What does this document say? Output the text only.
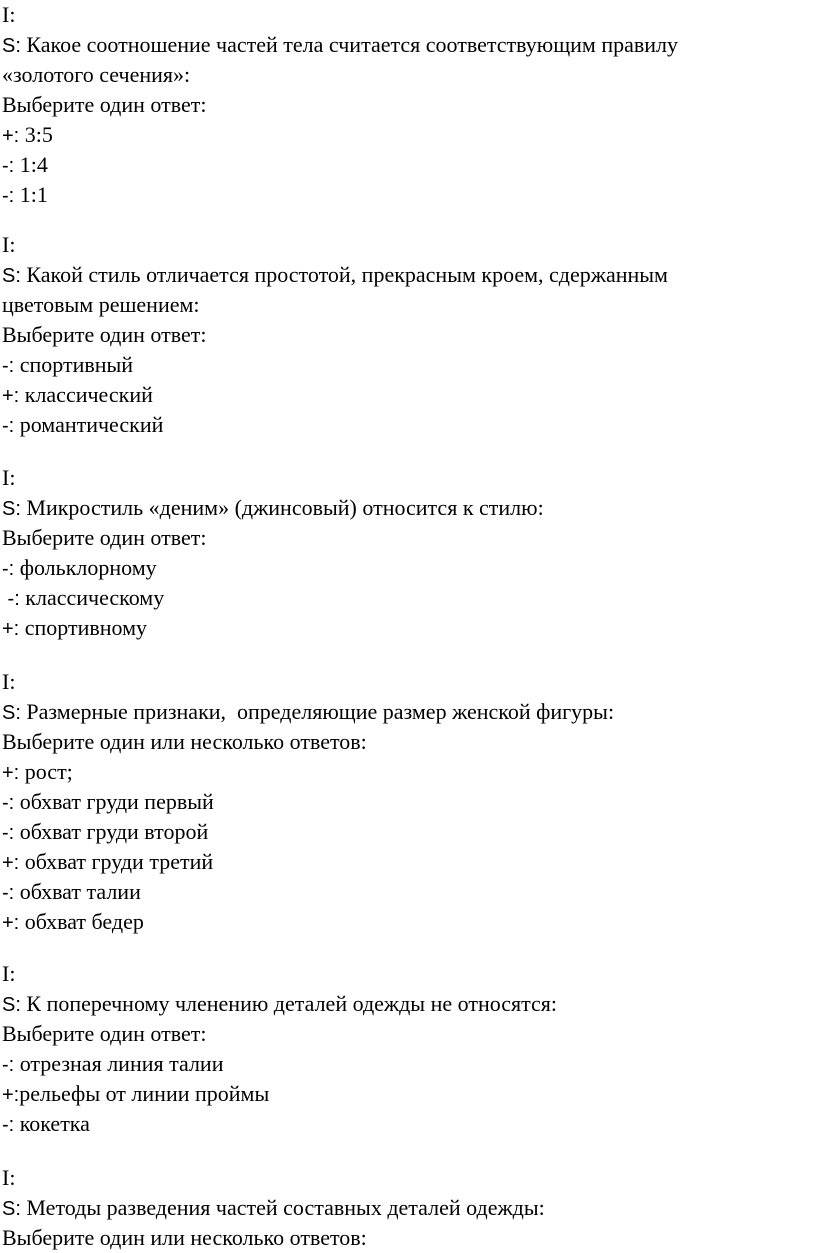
I:
S: Какое соотношение частей тела считается соответствующим правилу
«золотого сечения»:
Выберите один ответ:
+: 3:5
-: 1:4
-: 1:1
I:
S: Какой стиль отличается простотой, прекрасным кроем, сдержанным
цветовым решением:
Выберите один ответ:
-: спортивный
+: классический
-: романтический
I:
S: Микростиль «деним» (джинсовый) относится к стилю:
Выберите один ответ:
-: фольклорному
-: классическому
+: спортивному
I:
S: Размерные признаки,  определяющие размер женской фигуры:
Выберите один или несколько ответов:
+: рост;
-: обхват груди первый
-: обхват груди второй
+: обхват груди третий
-: обхват талии
+: обхват бедер
I:
S: К поперечному членению деталей одежды не относятся:
Выберите один ответ:
-: отрезная линия талии
+:рельефы от линии проймы
-: кокетка
I:
S: Методы разведения частей составных деталей одежды:
Выберите один или несколько ответов:
